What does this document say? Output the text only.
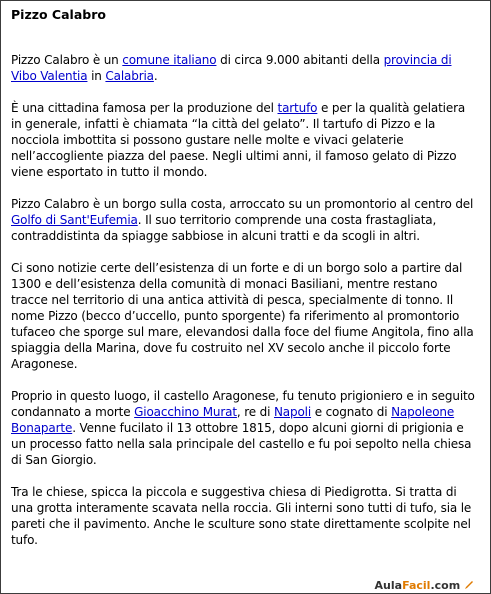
Pizzo Calabro

Pizzo Calabro è un comune italiano di circa 9.000 abitanti della provincia di Vibo Valentia in Calabria.

È una cittadina famosa per la produzione del tartufo e per la qualità gelatiera in generale, infatti è chiamata “la città del gelato”. Il tartufo di Pizzo e la nocciola imbottita si possono gustare nelle molte e vivaci gelaterie nell’accogliente piazza del paese. Negli ultimi anni, il famoso gelato di Pizzo viene esportato in tutto il mondo.

Pizzo Calabro è un borgo sulla costa, arroccato su un promontorio al centro del Golfo di Sant'Eufemia. Il suo territorio comprende una costa frastagliata, contraddistinta da spiagge sabbiose in alcuni tratti e da scogli in altri.

Ci sono notizie certe dell’esistenza di un forte e di un borgo solo a partire dal 1300 e dell’esistenza della comunità di monaci Basiliani, mentre restano tracce nel territorio di una antica attività di pesca, specialmente di tonno. Il nome Pizzo (becco d’uccello, punto sporgente) fa riferimento al promontorio tufaceo che sporge sul mare, elevandosi dalla foce del fiume Angitola, fino alla spiaggia della Marina, dove fu costruito nel XV secolo anche il piccolo forte Aragonese.

Proprio in questo luogo, il castello Aragonese, fu tenuto prigioniero e in seguito condannato a morte Gioacchino Murat, re di Napoli e cognato di Napoleone Bonaparte. Venne fucilato il 13 ottobre 1815, dopo alcuni giorni di prigionia e un processo fatto nella sala principale del castello e fu poi sepolto nella chiesa di San Giorgio.

Tra le chiese, spicca la piccola e suggestiva chiesa di Piedigrotta. Si tratta di una grotta interamente scavata nella roccia. Gli interni sono tutti di tufo, sia le pareti che il pavimento. Anche le sculture sono state direttamente scolpite nel tufo.

AulaFacil.com
